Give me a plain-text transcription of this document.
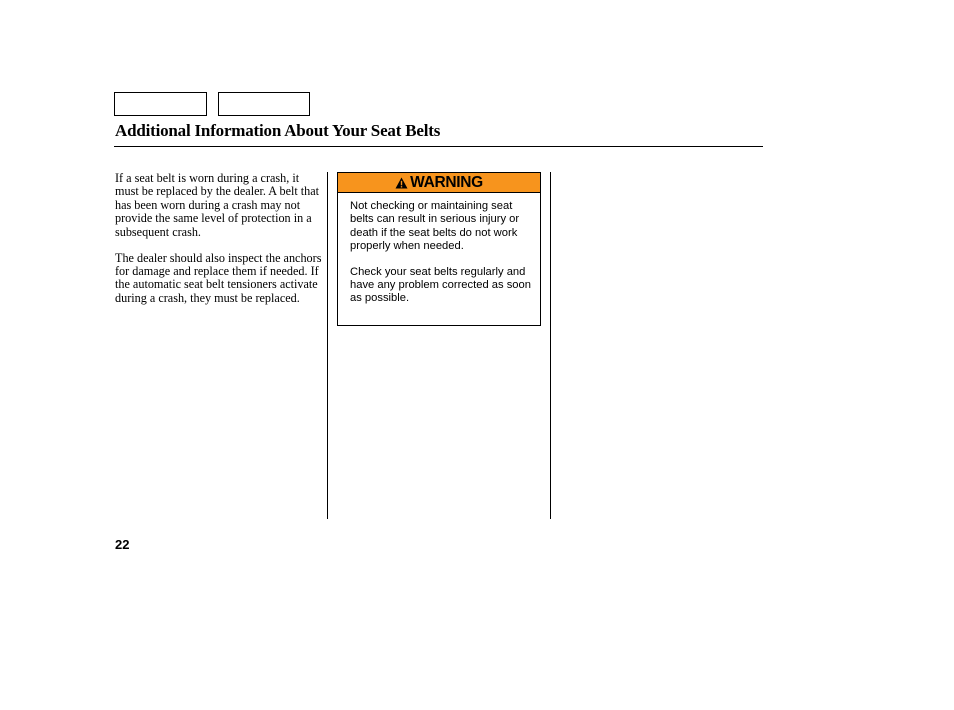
Additional Information About Your Seat Belts

If a seat belt is worn during a crash, it must be replaced by the dealer. A belt that has been worn during a crash may not provide the same level of protection in a subsequent crash.

The dealer should also inspect the anchors for damage and replace them if needed. If the automatic seat belt tensioners activate during a crash, they must be replaced.

WARNING

Not checking or maintaining seat belts can result in serious injury or death if the seat belts do not work properly when needed.

Check your seat belts regularly and have any problem corrected as soon as possible.

22
